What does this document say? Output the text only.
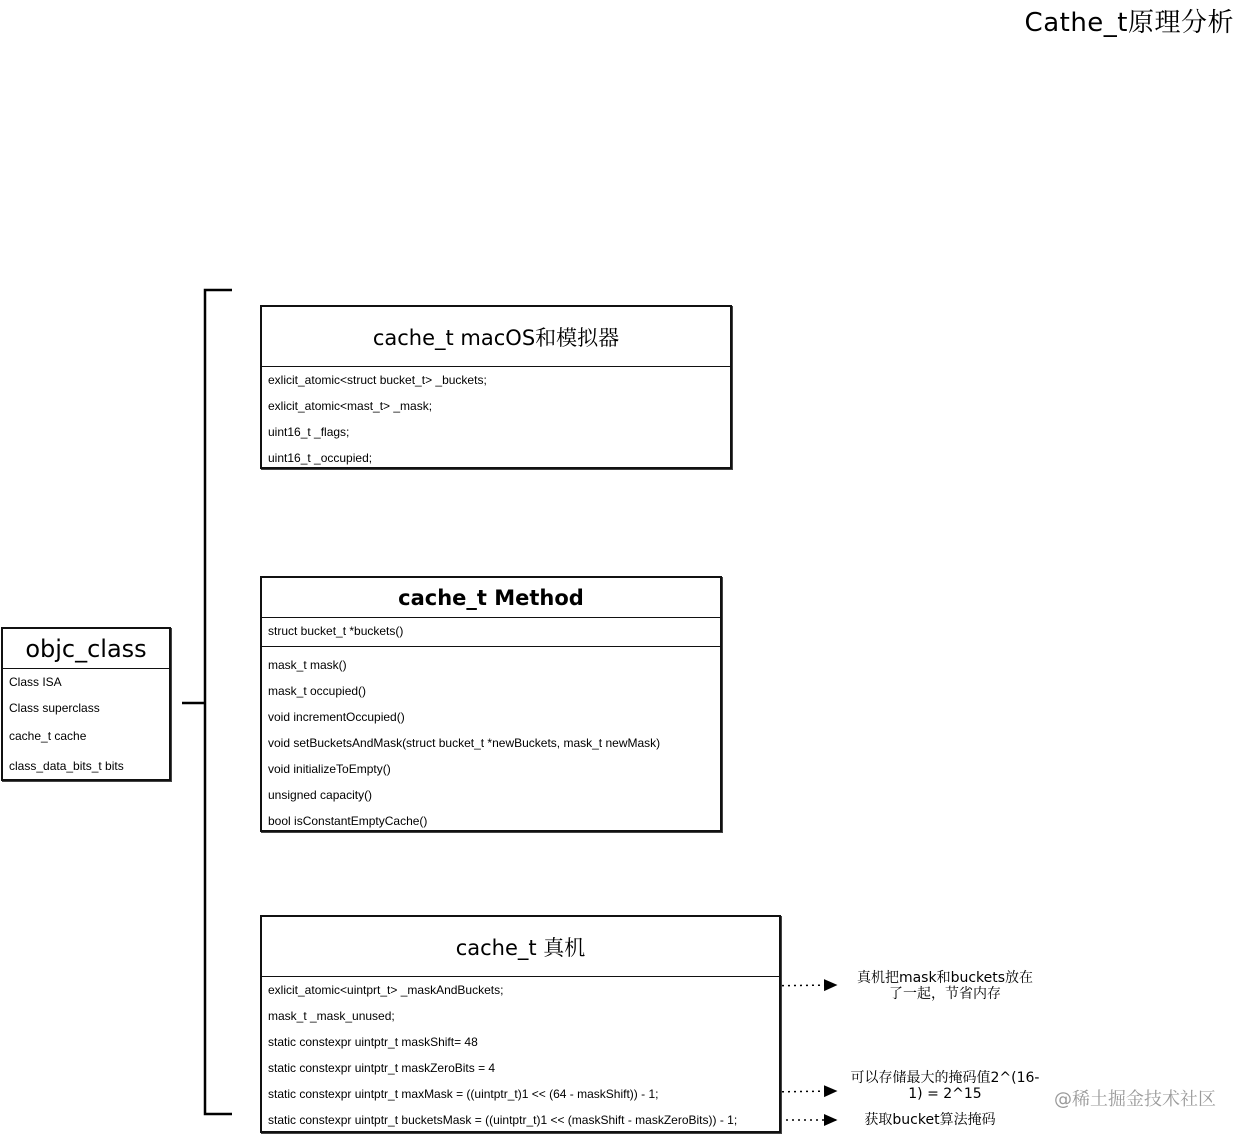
Cathe_t原理分析
objc_class
Class ISA
Class superclass
cache_t cache
class_data_bits_t bits
cache_t macOS和模拟器
exlicit_atomic<struct bucket_t> _buckets;
exlicit_atomic<mast_t> _mask;
uint16_t _flags;
uint16_t _occupied;
cache_t Method
struct bucket_t *buckets()
mask_t mask()
mask_t occupied()
void incrementOccupied()
void setBucketsAndMask(struct bucket_t *newBuckets, mask_t newMask)
void initializeToEmpty()
unsigned capacity()
bool isConstantEmptyCache()
cache_t 真机
exlicit_atomic<uintprt_t> _maskAndBuckets;
mask_t _mask_unused;
static constexpr uintptr_t maskShift= 48
static constexpr uintptr_t maskZeroBits = 4
static constexpr uintptr_t maxMask = ((uintptr_t)1 << (64 - maskShift)) - 1;
static constexpr uintptr_t bucketsMask = ((uintptr_t)1 << (maskShift - maskZeroBits)) - 1;
真机把mask和buckets放在了一起，节省内存
可以存储最大的掩码值2^(16-1) = 2^15
获取bucket算法掩码
@稀土掘金技术社区
